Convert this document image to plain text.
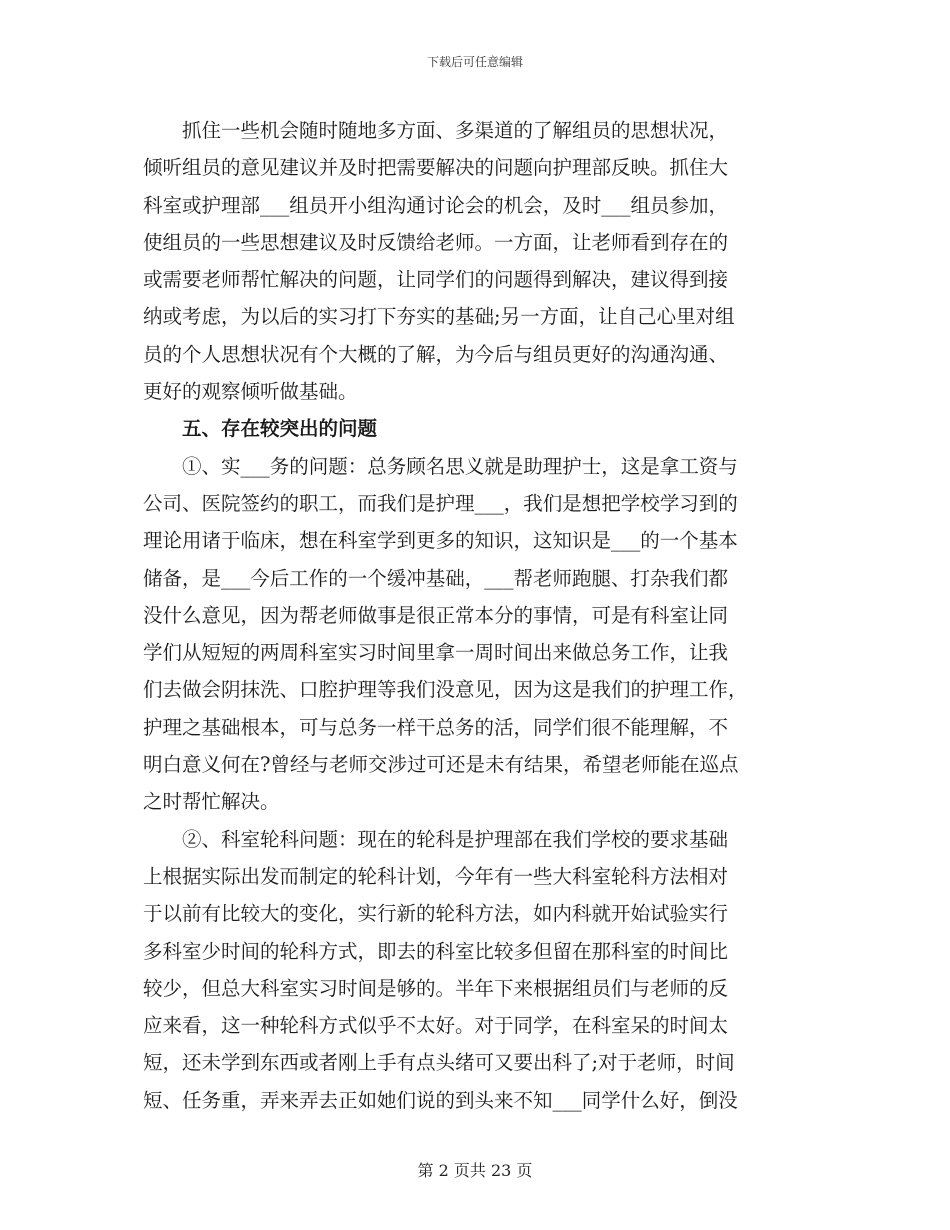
下载后可任意编辑

抓住一些机会随时随地多方面、多渠道的了解组员的思想状况，
倾听组员的意见建议并及时把需要解决的问题向护理部反映。抓住大
科室或护理部___组员开小组沟通讨论会的机会，及时___组员参加，
使组员的一些思想建议及时反馈给老师。一方面，让老师看到存在的
或需要老师帮忙解决的问题，让同学们的问题得到解决，建议得到接
纳或考虑，为以后的实习打下夯实的基础;另一方面，让自己心里对组
员的个人思想状况有个大概的了解，为今后与组员更好的沟通沟通、
更好的观察倾听做基础。

五、存在较突出的问题

①、实___务的问题：总务顾名思义就是助理护士，这是拿工资与
公司、医院签约的职工，而我们是护理___，我们是想把学校学习到的
理论用诸于临床，想在科室学到更多的知识，这知识是___的一个基本
储备，是___今后工作的一个缓冲基础，___帮老师跑腿、打杂我们都
没什么意见，因为帮老师做事是很正常本分的事情，可是有科室让同
学们从短短的两周科室实习时间里拿一周时间出来做总务工作，让我
们去做会阴抹洗、口腔护理等我们没意见，因为这是我们的护理工作，
护理之基础根本，可与总务一样干总务的活，同学们很不能理解，不
明白意义何在?曾经与老师交涉过可还是未有结果，希望老师能在巡点
之时帮忙解决。

②、科室轮科问题：现在的轮科是护理部在我们学校的要求基础
上根据实际出发而制定的轮科计划，今年有一些大科室轮科方法相对
于以前有比较大的变化，实行新的轮科方法，如内科就开始试验实行
多科室少时间的轮科方式，即去的科室比较多但留在那科室的时间比
较少，但总大科室实习时间是够的。半年下来根据组员们与老师的反
应来看，这一种轮科方式似乎不太好。对于同学，在科室呆的时间太
短，还未学到东西或者刚上手有点头绪可又要出科了;对于老师，时间
短、任务重，弄来弄去正如她们说的到头来不知___同学什么好，倒没

第 2 页共 23 页
